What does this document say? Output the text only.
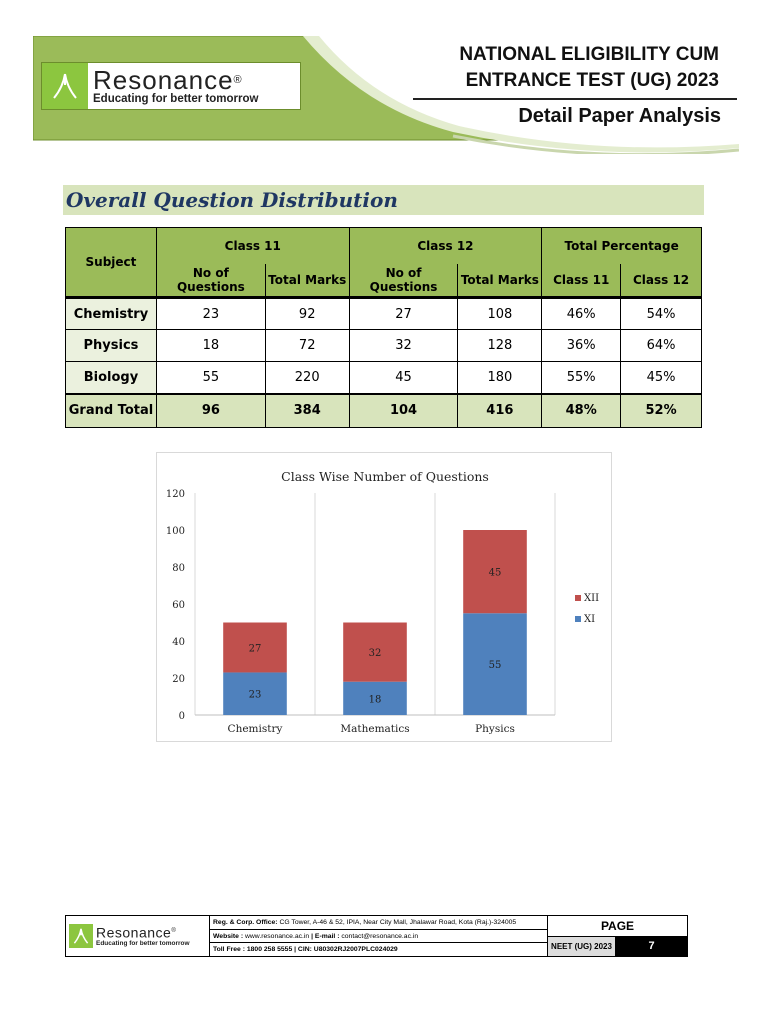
Resonance®
Educating for better tomorrow
NATIONAL ELIGIBILITY CUM
ENTRANCE TEST (UG) 2023
Detail Paper Analysis
Overall Question Distribution
Subject	Class 11		Class 12		Total Percentage	
	No of Questions	Total Marks	No of Questions	Total Marks	Class 11	Class 12
Chemistry	23	92	27	108	46%	54%
Physics	18	72	32	128	36%	64%
Biology	55	220	45	180	55%	45%
Grand Total	96	384	104	416	48%	52%
Class Wise Number of Questions
0
20
40
60
80
100
120
23
27
Chemistry
18
32
Mathematics
55
45
Physics
XII
XI
Resonance®
Educating for better tomorrow
Reg. & Corp. Office: CG Tower, A-46 & 52, IPIA, Near City Mall, Jhalawar Road, Kota (Raj.)-324005
Website : www.resonance.ac.in | E-mail : contact@resonance.ac.in
Toll Free : 1800 258 5555 | CIN: U80302RJ2007PLC024029
PAGE
NEET (UG) 2023	7
